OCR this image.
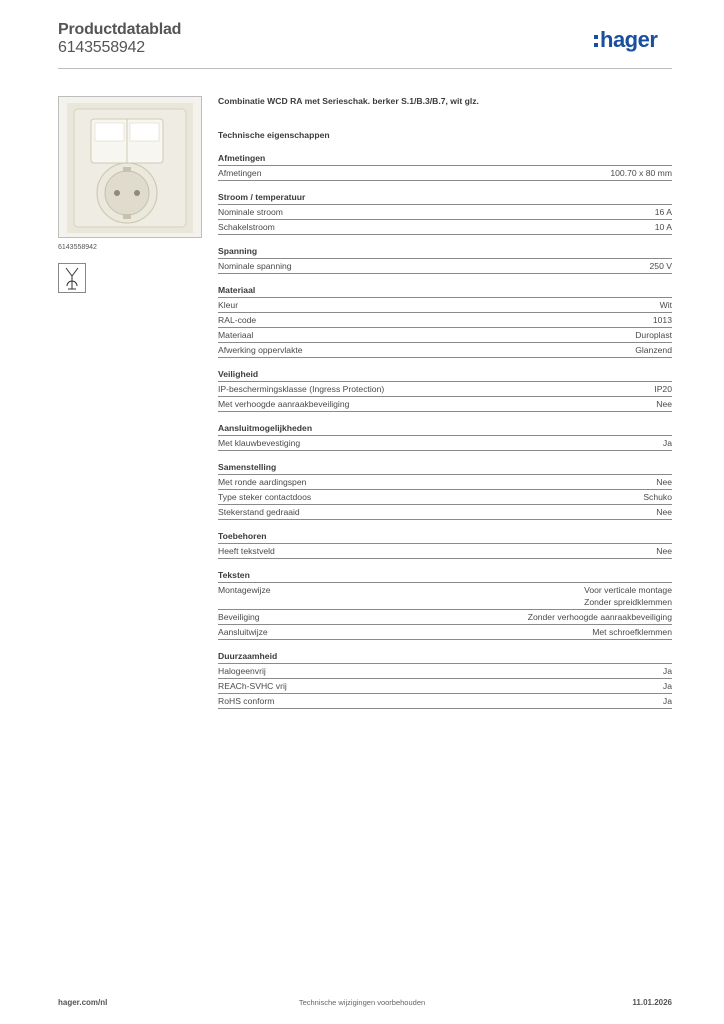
Productdatablad
6143558942	hager
6143558942
Combinatie WCD RA met Serieschak. berker S.1/B.3/B.7, wit glz.
Technische eigenschappen
Afmetingen
Afmetingen	100.70 x 80 mm
Stroom / temperatuur
Nominale stroom	16 A
Schakelstroom	10 A
Spanning
Nominale spanning	250 V
Materiaal
Kleur	Wit
RAL-code	1013
Materiaal	Duroplast
Afwerking oppervlakte	Glanzend
Veiligheid
IP-beschermingsklasse (Ingress Protection)	IP20
Met verhoogde aanraakbeveiliging	Nee
Aansluitmogelijkheden
Met klauwbevestiging	Ja
Samenstelling
Met ronde aardingspen	Nee
Type steker contactdoos	Schuko
Stekerstand gedraaid	Nee
Toebehoren
Heeft tekstveld	Nee
Teksten
Montagewijze	Voor verticale montage
Zonder spreidklemmen
Beveiliging	Zonder verhoogde aanraakbeveiliging
Aansluitwijze	Met schroefklemmen
Duurzaamheid
Halogeenvrij	Ja
REACh-SVHC vrij	Ja
RoHS conform	Ja
hager.com/nl	Technische wijzigingen voorbehouden	11.01.2026
